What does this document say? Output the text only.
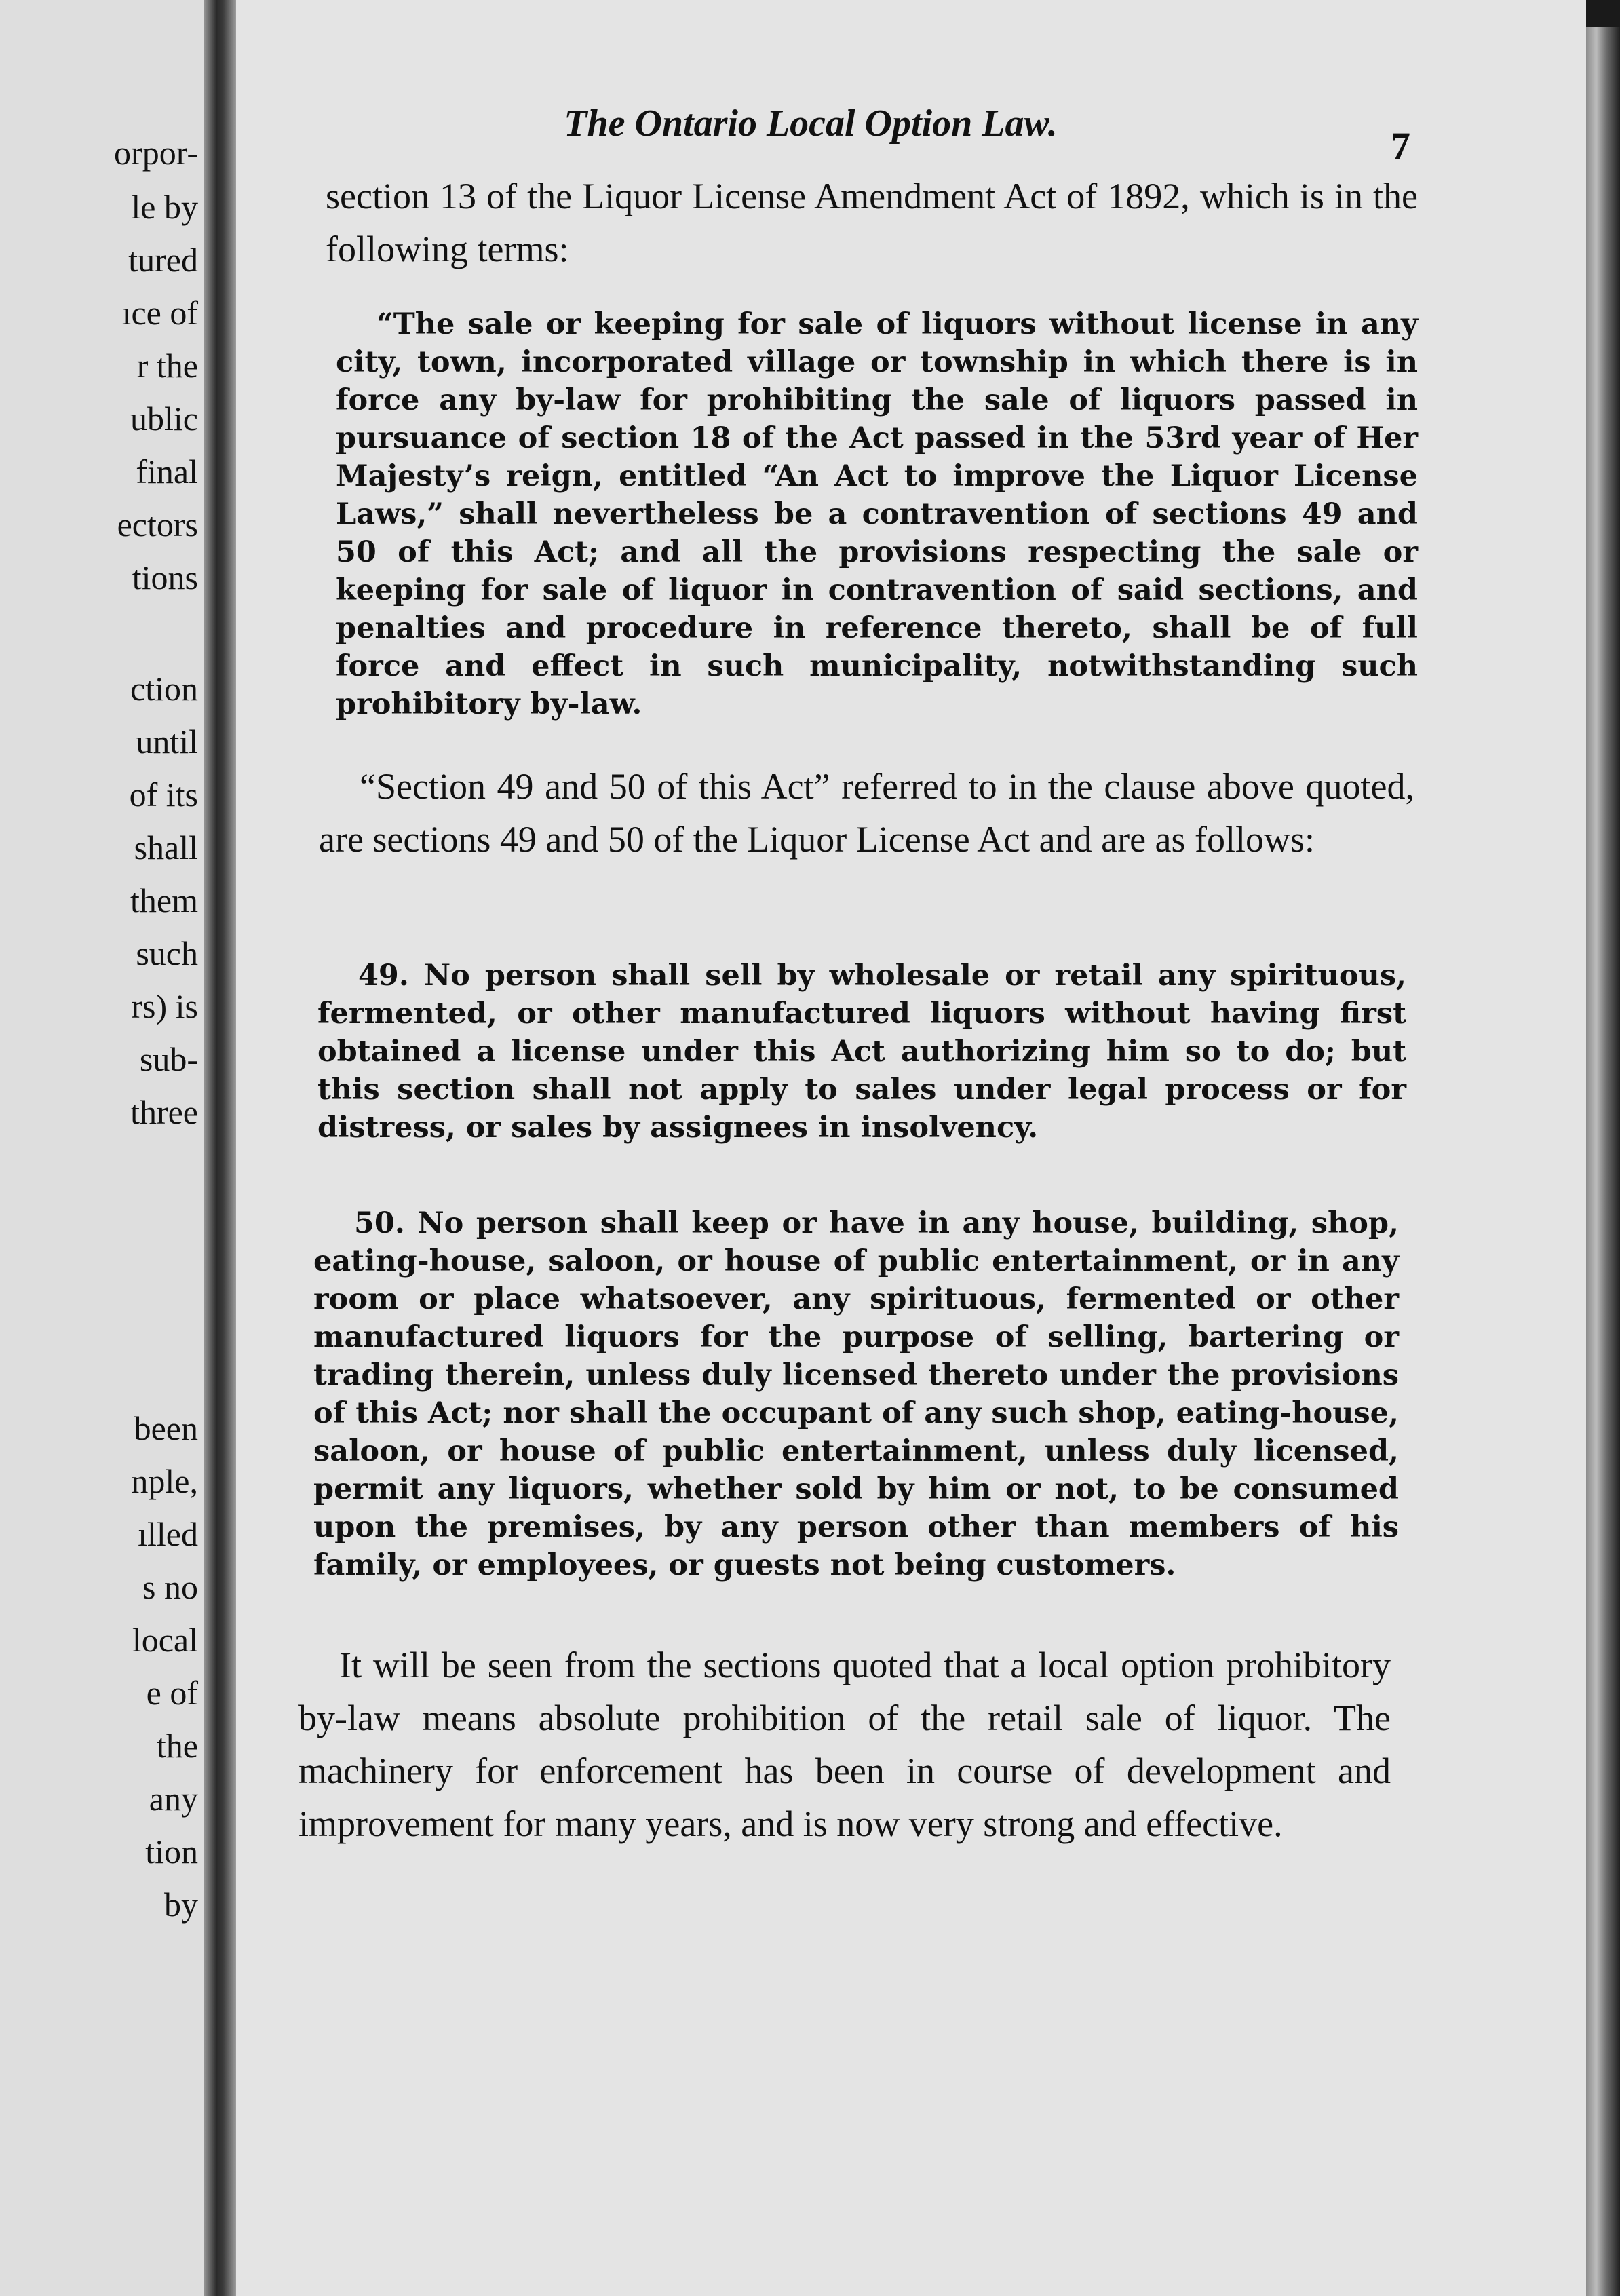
orpor-
le by
tured
ıce of
r the
ublic
final
ectors
tions
ction
until
of its
shall
them
such
rs) is
sub-
three
been
nple,
ılled
s no
local
e of
the
any
tion
by
The Ontario Local Option Law.
7

section 13 of the Liquor License Amendment Act of 1892, which is in the following terms:

“The sale or keeping for sale of liquors without license in any city, town, incorporated village or township in which there is in force any by-law for prohibiting the sale of liquors passed in pursuance of section 18 of the Act passed in the 53rd year of Her Majesty’s reign, entitled “An Act to improve the Liquor License Laws,” shall nevertheless be a contravention of sections 49 and 50 of this Act; and all the provisions respecting the sale or keeping for sale of liquor in contravention of said sections, and penalties and procedure in reference thereto, shall be of full force and effect in such municipality, notwithstanding such prohibitory by-law.

“Section 49 and 50 of this Act” referred to in the clause above quoted, are sections 49 and 50 of the Liquor License Act and are as follows:

49. No person shall sell by wholesale or retail any spirituous, fermented, or other manufactured liquors without having first obtained a license under this Act authorizing him so to do; but this section shall not apply to sales under legal process or for distress, or sales by assignees in insolvency.

50. No person shall keep or have in any house, building, shop, eating-house, saloon, or house of public entertainment, or in any room or place whatsoever, any spirituous, fermented or other manufactured liquors for the purpose of selling, bartering or trading therein, unless duly licensed thereto under the provisions of this Act; nor shall the occupant of any such shop, eating-house, saloon, or house of public entertainment, unless duly licensed, permit any liquors, whether sold by him or not, to be consumed upon the premises, by any person other than members of his family, or employees, or guests not being customers.

It will be seen from the sections quoted that a local option prohibitory by-law means absolute prohibition of the retail sale of liquor. The machinery for enforcement has been in course of development and improvement for many years, and is now very strong and effective.
